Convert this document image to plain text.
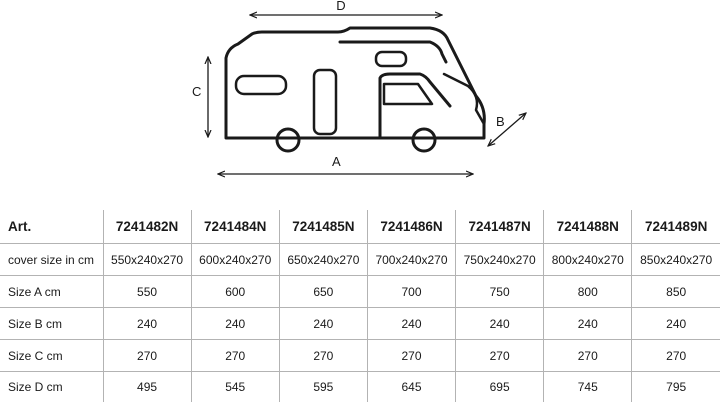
D
C
A
B
Art.	7241482N	7241484N	7241485N	7241486N	7241487N	7241488N	7241489N
cover size in cm	550x240x270	600x240x270	650x240x270	700x240x270	750x240x270	800x240x270	850x240x270
Size A cm	550	600	650	700	750	800	850
Size B cm	240	240	240	240	240	240	240
Size C cm	270	270	270	270	270	270	270
Size D cm	495	545	595	645	695	745	795
